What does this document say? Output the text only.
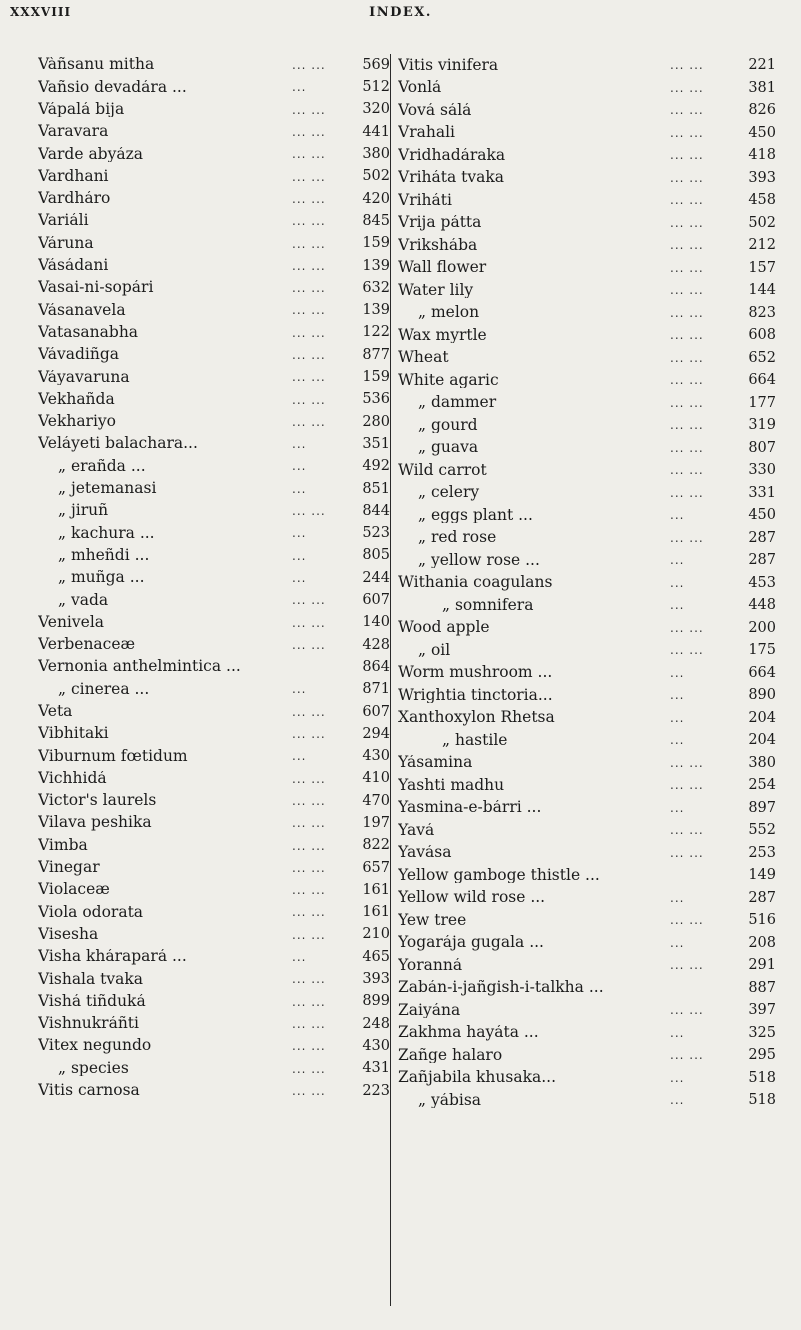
XXXVIII	INDEX.
Vàñsanu mitha	... ...	569
Vañsio devadára ...	...	512
Vápalá bija	... ...	320
Varavara	... ...	441
Varde abyáza	... ...	380
Vardhani	... ...	502
Vardháro	... ...	420
Variáli	... ...	845
Váruna	... ...	159
Vásádani	... ...	139
Vasai-ni-sopári	... ...	632
Vásanavela	... ...	139
Vatasanabha	... ...	122
Vávadiñga	... ...	877
Váyavaruna	... ...	159
Vekhañda	... ...	536
Vekhariyo	... ...	280
Veláyeti balachara...	...	351
„ erañda ...	...	492
„ jetemanasi	...	851
„ jiruñ	... ...	844
„ kachura ...	...	523
„ mheñdi ...	...	805
„ muñga ...	...	244
„ vada	... ...	607
Venivela	... ...	140
Verbenaceæ	... ...	428
Vernonia anthelmintica ...	864
„ cinerea ...	...	871
Veta	... ...	607
Vibhitaki	... ...	294
Viburnum fœtidum	...	430
Vichhidá	... ...	410
Victor's laurels	... ...	470
Vilava peshika	... ...	197
Vimba	... ...	822
Vinegar	... ...	657
Violaceæ	... ...	161
Viola odorata	... ...	161
Visesha	... ...	210
Visha khárapará ...	...	465
Vishala tvaka	... ...	393
Vishá tiñduká	... ...	899
Vishnukráñti	... ...	248
Vitex negundo	... ...	430
„ species	... ...	431
Vitis carnosa	... ...	223
Vitis vinifera	... ...	221
Vonlá	... ...	381
Vová sálá	... ...	826
Vrahali	... ...	450
Vridhadáraka	... ...	418
Vriháta tvaka	... ...	393
Vriháti	... ...	458
Vrija pátta	... ...	502
Vrikshába	... ...	212
Wall flower	... ...	157
Water lily	... ...	144
„ melon	... ...	823
Wax myrtle	... ...	608
Wheat	... ...	652
White agaric	... ...	664
„ dammer	... ...	177
„ gourd	... ...	319
„ guava	... ...	807
Wild carrot	... ...	330
„ celery	... ...	331
„ eggs plant ...	...	450
„ red rose	... ...	287
„ yellow rose ...	...	287
Withania coagulans	...	453
„ somnifera	...	448
Wood apple	... ...	200
„ oil	... ...	175
Worm mushroom ...	...	664
Wrightia tinctoria...	...	890
Xanthoxylon Rhetsa	...	204
„ hastile	...	204
Yásamina	... ...	380
Yashti madhu	... ...	254
Yasmina-e-bárri ...	...	897
Yavá	... ...	552
Yavása	... ...	253
Yellow gamboge thistle ...	149
Yellow wild rose ...	...	287
Yew tree	... ...	516
Yogarája gugala ...	...	208
Yoranná	... ...	291
Zabán-i-jañgish-i-talkha ...	887
Zaiyána	... ...	397
Zakhma hayáta ...	...	325
Zañge halaro	... ...	295
Zañjabila khusaka...	...	518
„ yábisa	...	518
